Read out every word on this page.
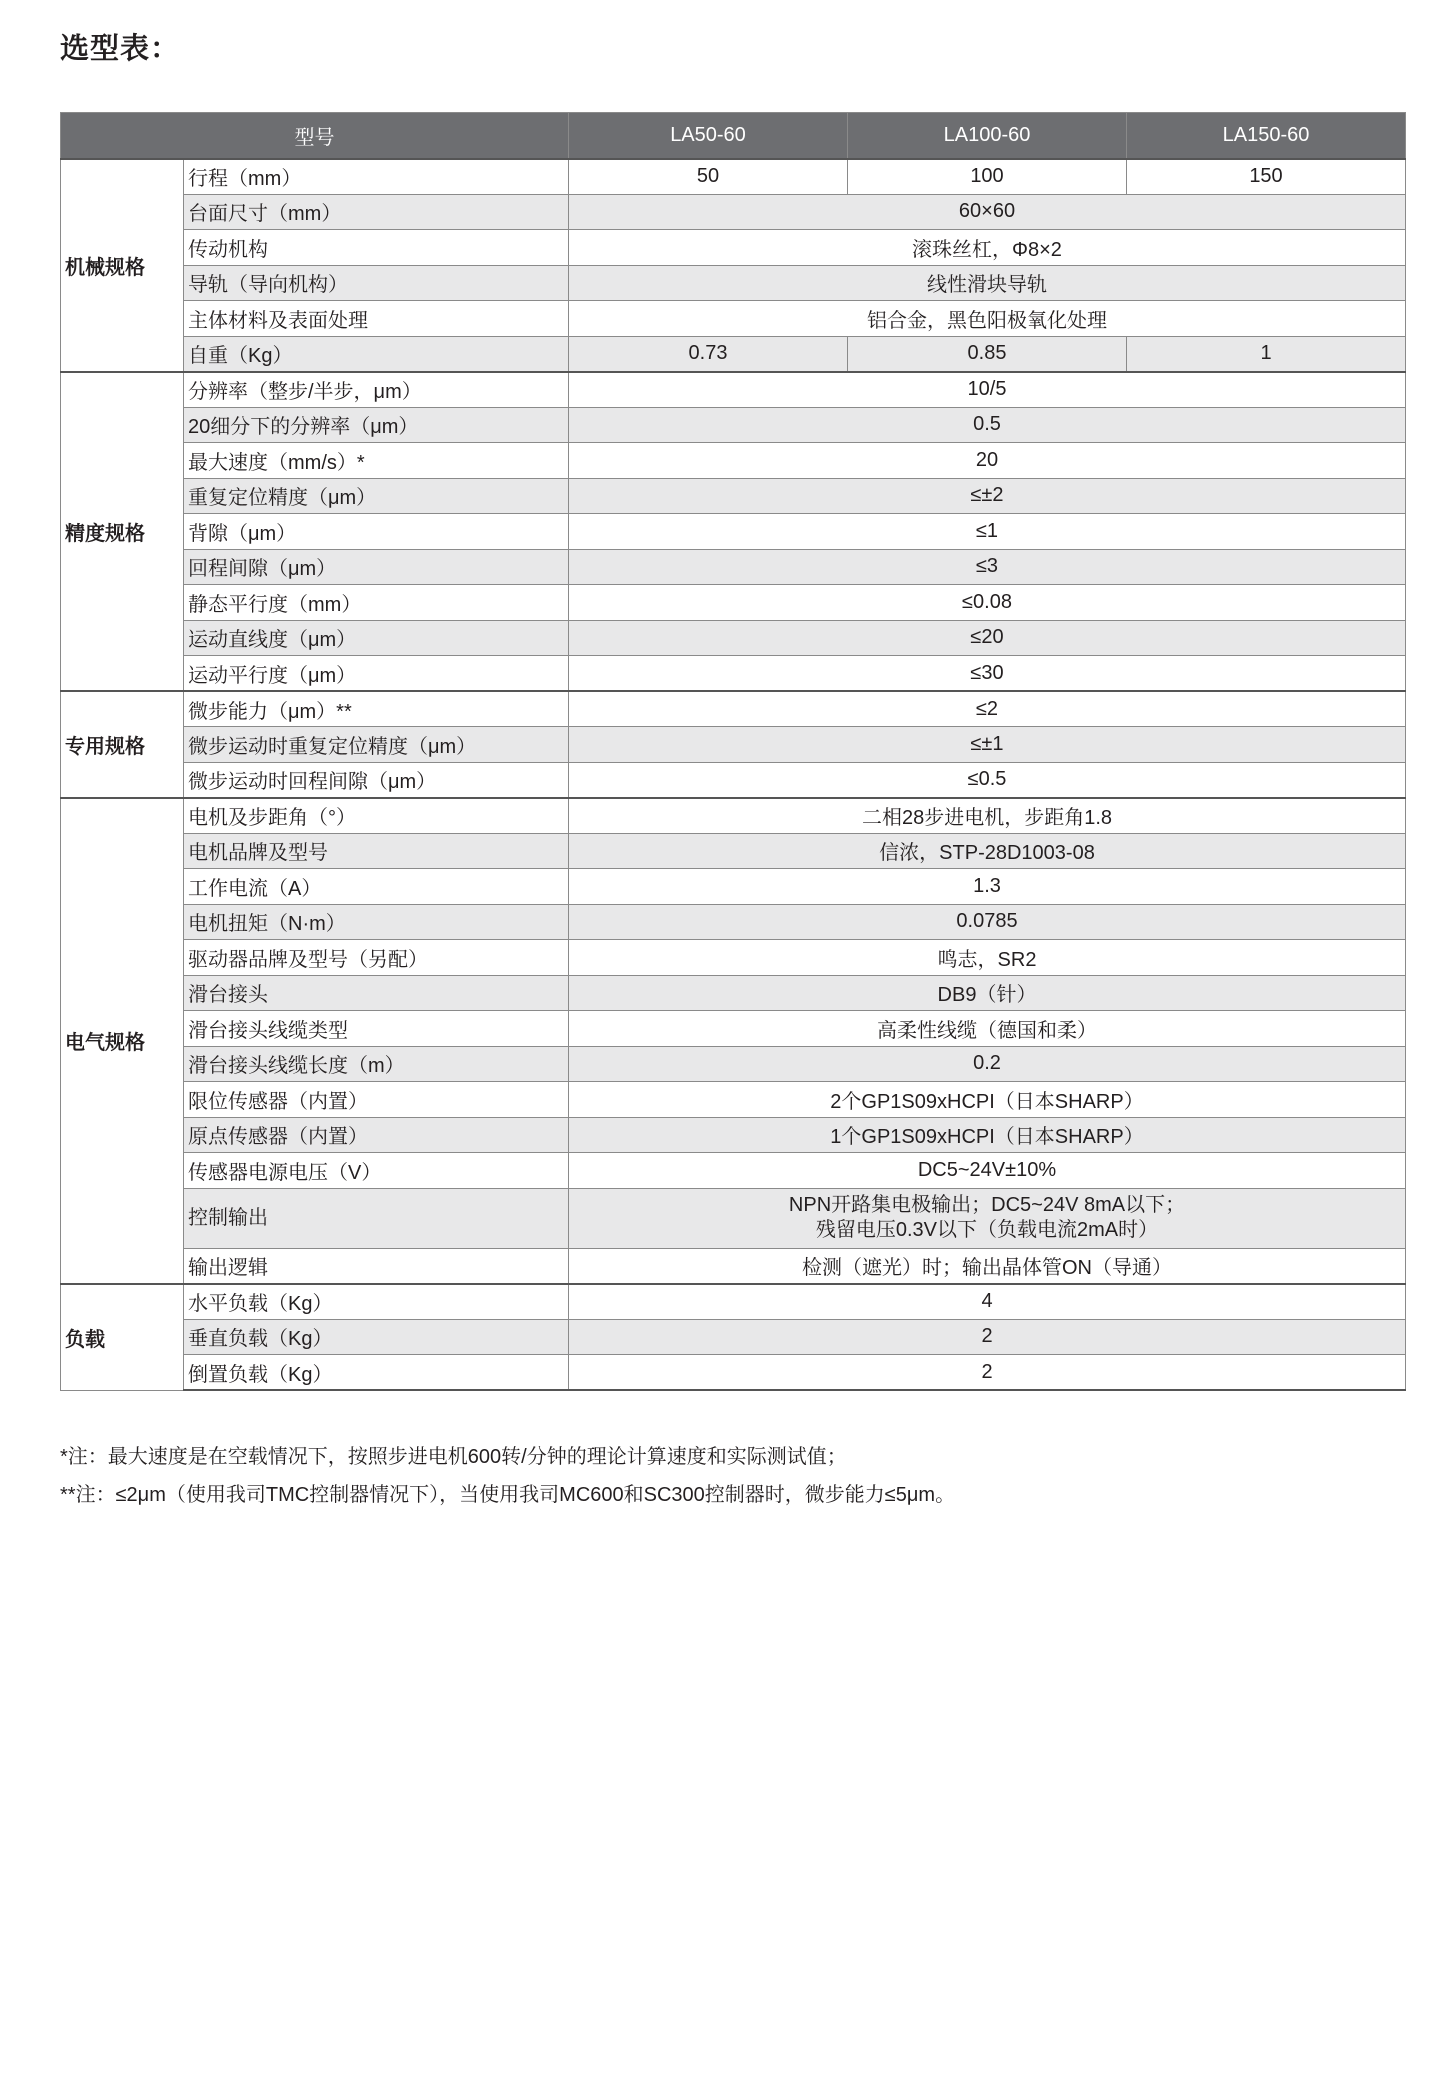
选型表：
型号		LA50-60	LA100-60	LA150-60
机械规格	行程（mm）	50	100	150
	台面尺寸（mm）	60×60		
	传动机构	滚珠丝杠，Φ8×2		
	导轨（导向机构）	线性滑块导轨		
	主体材料及表面处理	铝合金，黑色阳极氧化处理		
	自重（Kg）	0.73	0.85	1
精度规格	分辨率（整步/半步，μm）	10/5		
	20细分下的分辨率（μm）	0.5		
	最大速度（mm/s）*	20		
	重复定位精度（μm）	≤±2		
	背隙（μm）	≤1		
	回程间隙（μm）	≤3		
	静态平行度（mm）	≤0.08		
	运动直线度（μm）	≤20		
	运动平行度（μm）	≤30		
专用规格	微步能力（μm）**	≤2		
	微步运动时重复定位精度（μm）	≤±1		
	微步运动时回程间隙（μm）	≤0.5		
电气规格	电机及步距角（°）	二相28步进电机，步距角1.8		
	电机品牌及型号	信浓，STP-28D1003-08		
	工作电流（A）	1.3		
	电机扭矩（N·m）	0.0785		
	驱动器品牌及型号（另配）	鸣志，SR2		
	滑台接头	DB9（针）		
	滑台接头线缆类型	高柔性线缆（德国和柔）		
	滑台接头线缆长度（m）	0.2		
	限位传感器（内置）	2个GP1S09xHCPI（日本SHARP）		
	原点传感器（内置）	1个GP1S09xHCPI（日本SHARP）		
	传感器电源电压（V）	DC5~24V±10%		
	控制输出	NPN开路集电极输出；DC5~24V 8mA以下；
残留电压0.3V以下（负载电流2mA时）		

	输出逻辑	检测（遮光）时；输出晶体管ON（导通）		
负载	水平负载（Kg）	4		
	垂直负载（Kg）	2		
	倒置负载（Kg）	2		

*注：最大速度是在空载情况下，按照步进电机600转/分钟的理论计算速度和实际测试值；

**注：≤2μm（使用我司TMC控制器情况下），当使用我司MC600和SC300控制器时，微步能力≤5μm。
